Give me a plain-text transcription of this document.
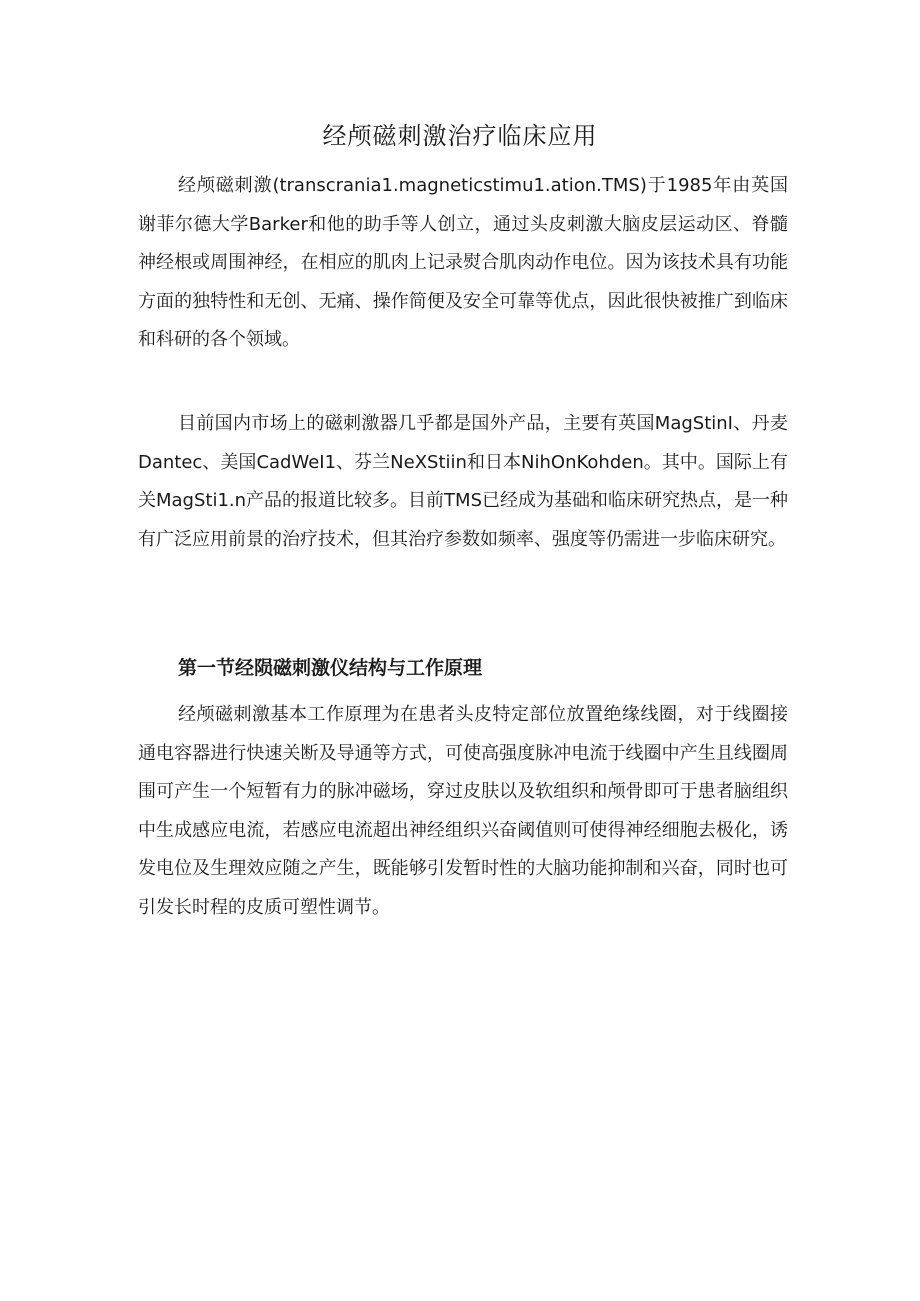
经颅磁刺激治疗临床应用

经颅磁刺激(transcrania1.magneticstimu1.ation.TMS)于1985年由英国谢菲尔德大学Barker和他的助手等人创立，通过头皮刺激大脑皮层运动区、脊髓神经根或周围神经，在相应的肌肉上记录熨合肌肉动作电位。因为该技术具有功能方面的独特性和无创、无痛、操作简便及安全可靠等优点，因此很快被推广到临床和科研的各个领域。

目前国内市场上的磁刺激器几乎都是国外产品，主要有英国MagStinI、丹麦Dantec、美国CadWeI1、芬兰NeXStiin和日本NihOnKohden。其中。国际上有关MagSti1.n产品的报道比较多。目前TMS已经成为基础和临床研究热点，是一种有广泛应用前景的治疗技术，但其治疗参数如频率、强度等仍需进一步临床研究。

第一节经陨磁刺激仪结构与工作原理

经颅磁刺激基本工作原理为在患者头皮特定部位放置绝缘线圈，对于线圈接通电容器进行快速关断及导通等方式，可使高强度脉冲电流于线圈中产生且线圈周围可产生一个短暂有力的脉冲磁场，穿过皮肤以及软组织和颅骨即可于患者脑组织中生成感应电流，若感应电流超出神经组织兴奋阈值则可使得神经细胞去极化，诱发电位及生理效应随之产生，既能够引发暂时性的大脑功能抑制和兴奋，同时也可引发长时程的皮质可塑性调节。
